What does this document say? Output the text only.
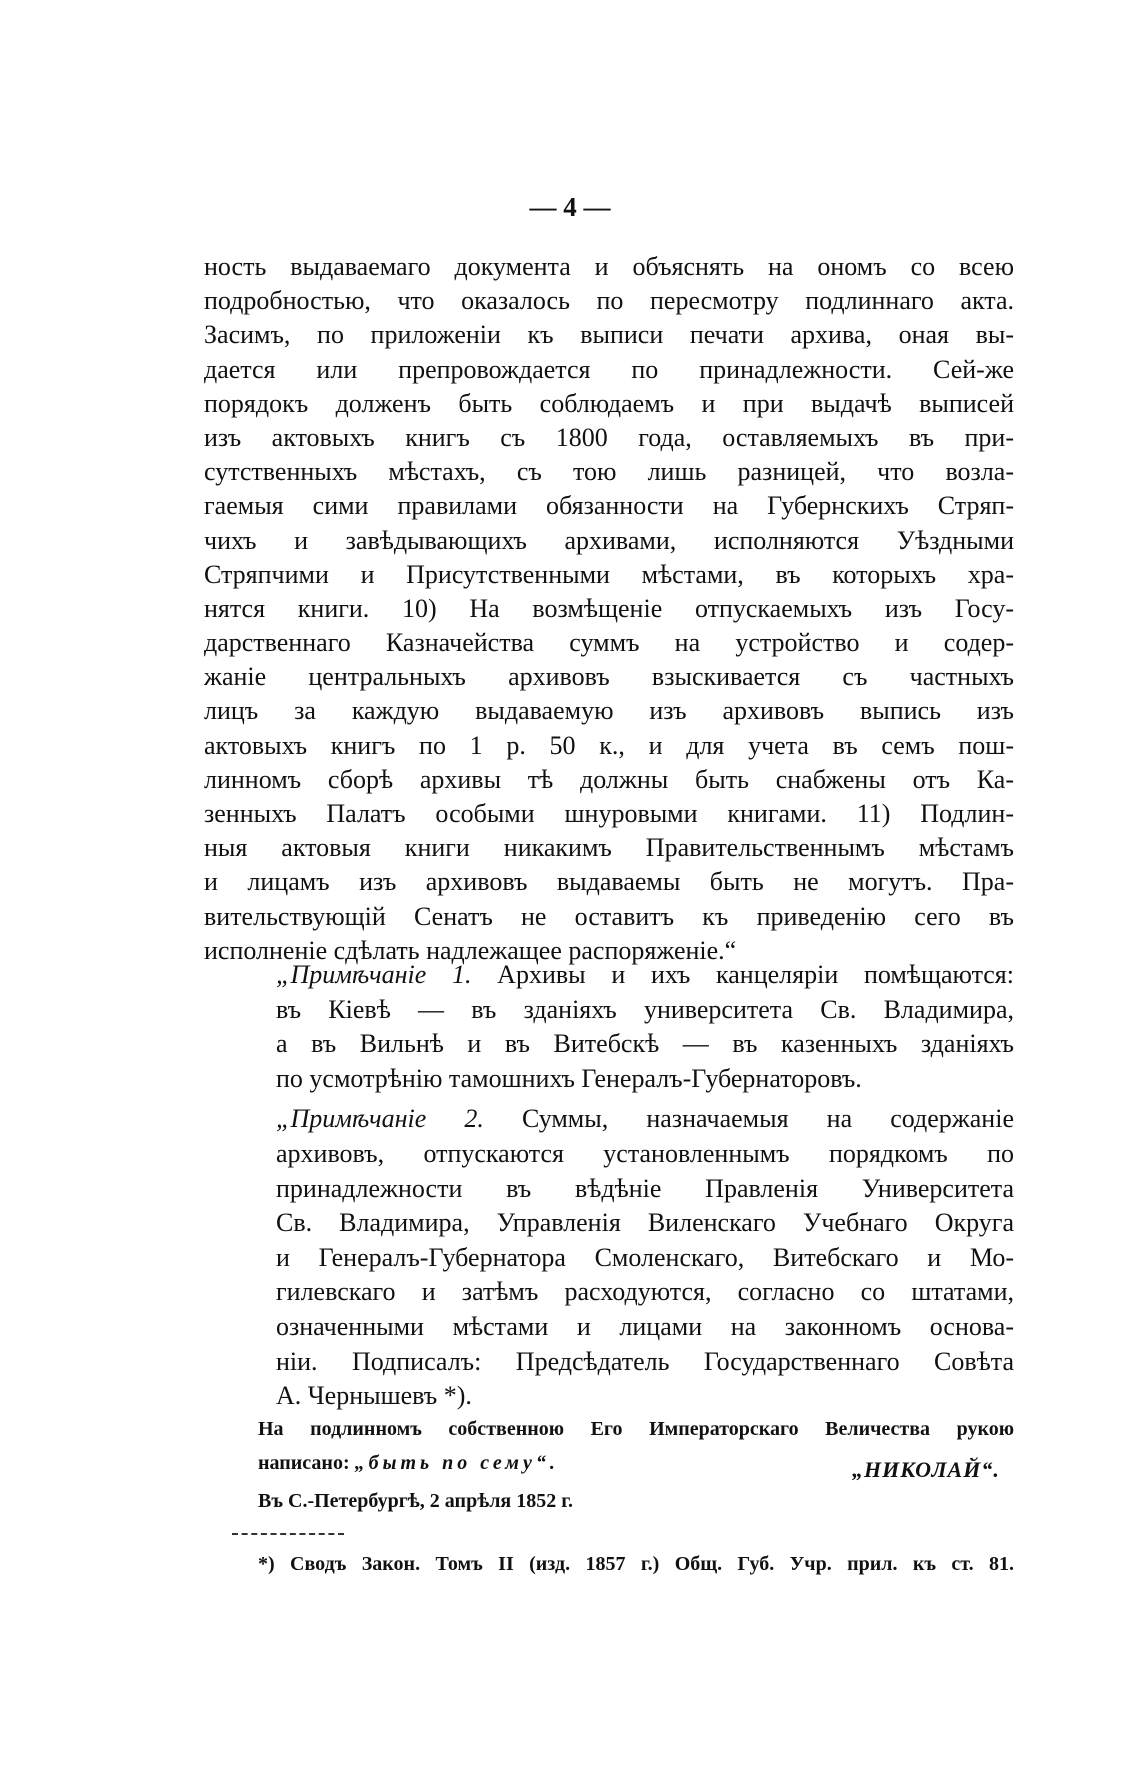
— 4 —
ность выдаваемаго документа и объяснять на ономъ со всею
подробностью, что оказалось по пересмотру подлиннаго акта.
Засимъ, по приложеніи къ выписи печати архива, оная вы-
дается или препровождается по принадлежности. Сей-же
порядокъ долженъ быть соблюдаемъ и при выдачѣ выписей
изъ актовыхъ книгъ съ 1800 года, оставляемыхъ въ при-
сутственныхъ мѣстахъ, съ тою лишь разницей, что возла-
гаемыя сими правилами обязанности на Губернскихъ Стряп-
чихъ и завѣдывающихъ архивами, исполняются Уѣздными
Стряпчими и Присутственными мѣстами, въ которыхъ хра-
нятся книги. 10) На возмѣщеніе отпускаемыхъ изъ Госу-
дарственнаго Казначейства суммъ на устройство и содер-
жаніе центральныхъ архивовъ взыскивается съ частныхъ
лицъ за каждую выдаваемую изъ архивовъ выпись изъ
актовыхъ книгъ по 1 р. 50 к., и для учета въ семъ пош-
линномъ сборѣ архивы тѣ должны быть снабжены отъ Ка-
зенныхъ Палатъ особыми шнуровыми книгами. 11) Подлин-
ныя актовыя книги никакимъ Правительственнымъ мѣстамъ
и лицамъ изъ архивовъ выдаваемы быть не могутъ. Пра-
вительствующій Сенатъ не оставитъ къ приведенію сего въ
исполненіе сдѣлать надлежащее распоряженіе.“
„Примѣчаніе 1. Архивы и ихъ канцеляріи помѣщаются:
въ Кіевѣ — въ зданіяхъ университета Св. Владимира,
а въ Вильнѣ и въ Витебскѣ — въ казенныхъ зданіяхъ
по усмотрѣнію тамошнихъ Генералъ-Губернаторовъ.
„Примѣчаніе 2. Суммы, назначаемыя на содержаніе
архивовъ, отпускаются установленнымъ порядкомъ по
принадлежности въ вѣдѣніе Правленія Университета
Св. Владимира, Управленія Виленскаго Учебнаго Округа
и Генералъ-Губернатора Смоленскаго, Витебскаго и Мо-
гилевскаго и затѣмъ расходуются, согласно со штатами,
означенными мѣстами и лицами на законномъ основа-
ніи. Подписалъ: Предсѣдатель Государственнаго Совѣта
А. Чернышевъ *).
На подлинномъ собственною Его Императорскаго Величества рукою
написано: „быть по сему“.	„НИКОЛАЙ“.
Въ С.-Петербургѣ, 2 апрѣля 1852 г.
*) Сводъ Закон. Томъ II (изд. 1857 г.) Общ. Губ. Учр. прил. къ ст. 81.
